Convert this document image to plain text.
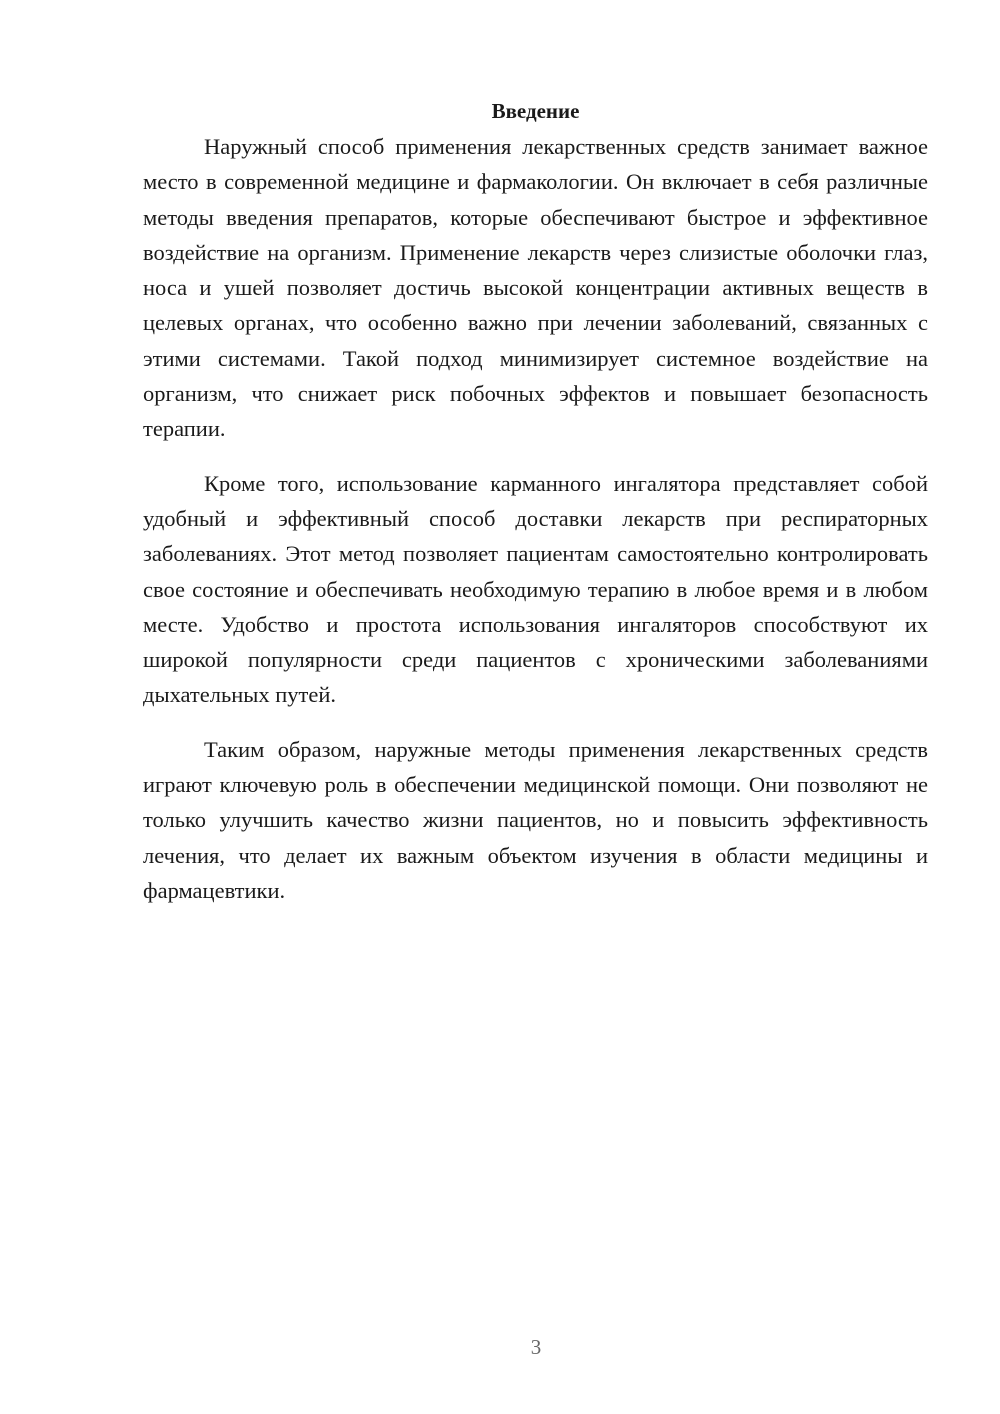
Введение

Наружный способ применения лекарственных средств занимает важное место в современной медицине и фармакологии. Он включает в себя различные методы введения препаратов, которые обеспечивают быстрое и эффективное воздействие на организм. Применение лекарств через слизистые оболочки глаз, носа и ушей позволяет достичь высокой концентрации активных веществ в целевых органах, что особенно важно при лечении заболеваний, связанных с этими системами. Такой подход минимизирует системное воздействие на организм, что снижает риск побочных эффектов и повышает безопасность терапии.

Кроме того, использование карманного ингалятора представляет собой удобный и эффективный способ доставки лекарств при респираторных заболеваниях. Этот метод позволяет пациентам самостоятельно контролировать свое состояние и обеспечивать необходимую терапию в любое время и в любом месте. Удобство и простота использования ингаляторов способствуют их широкой популярности среди пациентов с хроническими заболеваниями дыхательных путей.

Таким образом, наружные методы применения лекарственных средств играют ключевую роль в обеспечении медицинской помощи. Они позволяют не только улучшить качество жизни пациентов, но и повысить эффективность лечения, что делает их важным объектом изучения в области медицины и фармацевтики.

3
